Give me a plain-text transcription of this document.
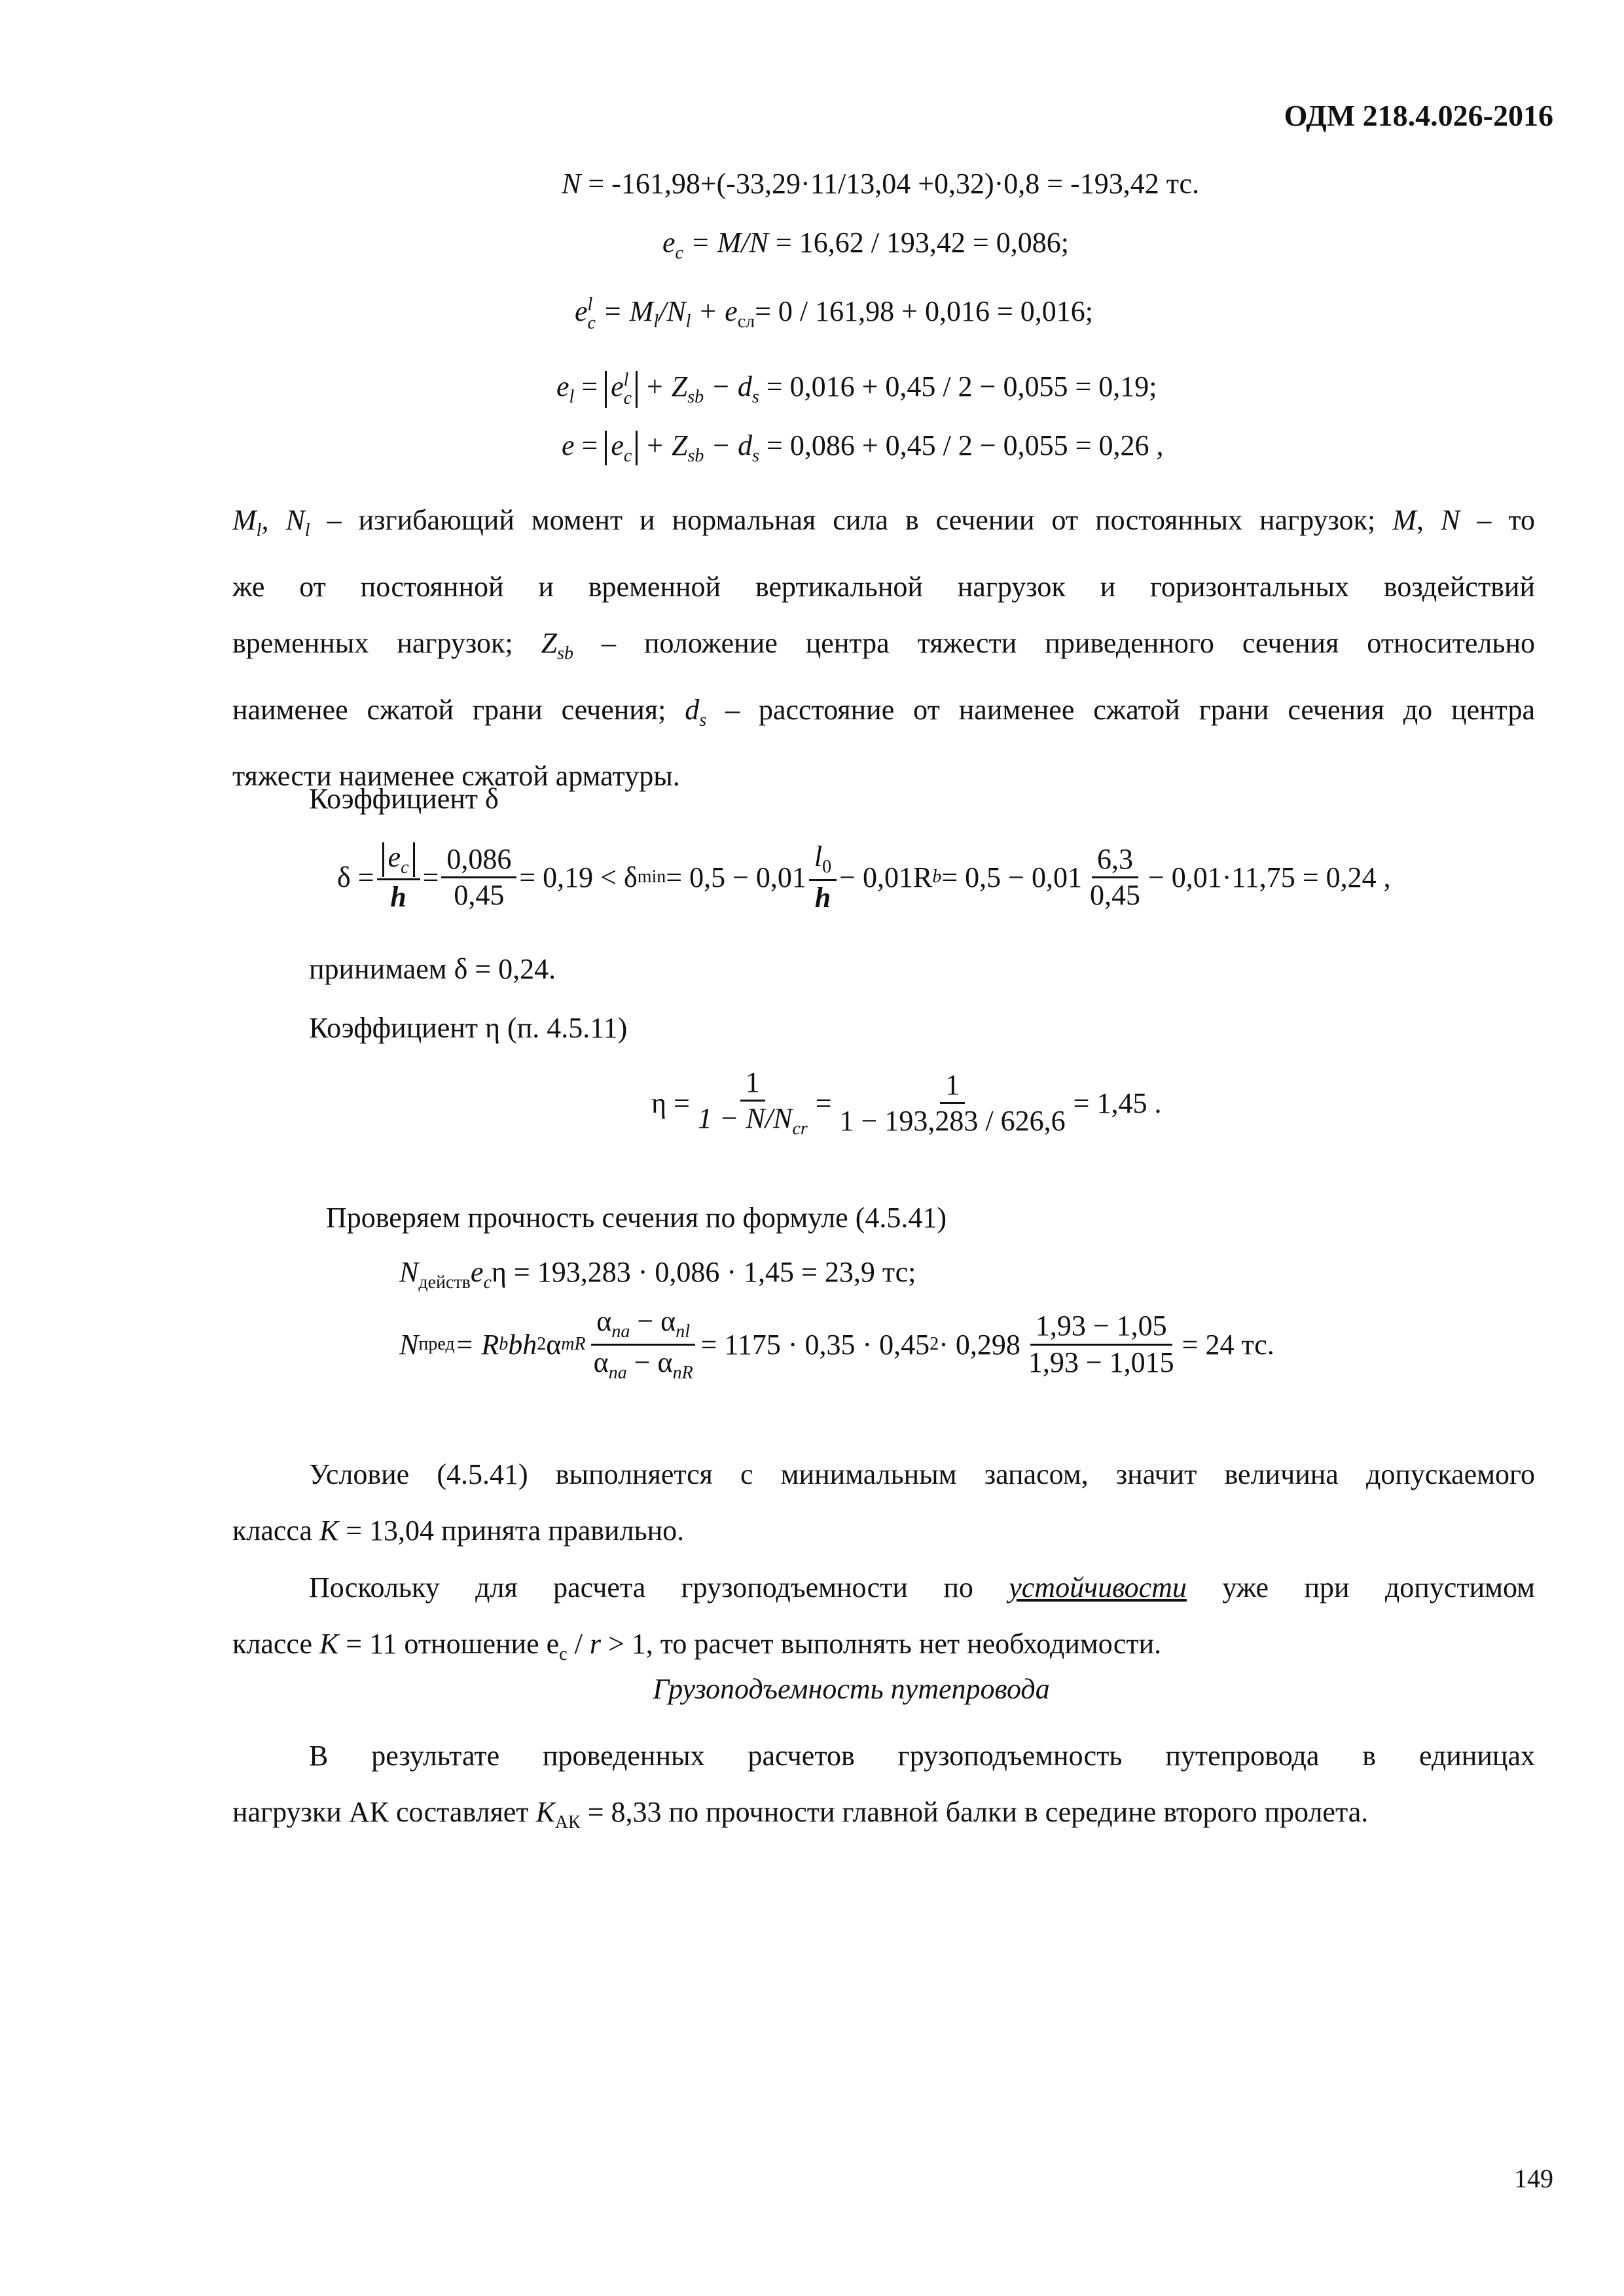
ОДМ 218.4.026-2016
N = -161,98+(-33,29·11/13,04 +0,32)·0,8 = -193,42 тс.
$e_c = M/N = 16,62 / 193,42 = 0,086$;
e l
$c = M_l/N_l + e_{сл}= 0 / 161,98 + 0,016 = 0,016$;
$e_l = e$ l
$c + Z_{sb} - d_s = 0,016 + 0,45 / 2 - 0,055 = 0,19$;
$e = e_c + Z_{sb} - d_s = 0,086 + 0,45 / 2 - 0,055 = 0,26$ ,
$M_l$, $N_l$ – изгибающий момент и нормальная сила в сечении от постоянных нагрузок; M, N – то
же от постоянной и временной вертикальной нагрузок и горизонтальных воздействий
временных нагрузок; $Z_{sb}$ – положение центра тяжести приведенного сечения относительно
наименее сжатой грани сечения; $d_s$ – расстояние от наименее сжатой грани сечения до центра
тяжести наименее сжатой арматуры.
Коэффициент δ
$\delta = \frac{e_c}{h} = \frac{0,086}{0,45} = 0,19 < \delta$ $\min = 0,5 - 0,01 \frac{l_0}{h} - 0,01R$ $b = 0,5 - 0,01 \frac{6,3}{0,45} - 0,01\cdot 11,75 = 0,24$ ,
принимаем δ = 0,24.
Коэффициент η (п. 4.5.11)
$\eta = \frac{1}{1 - N/N_{cr}} = \frac{1}{1 - 193,283 / 626,6} = 1,45$ .
Проверяем прочность сечения по формуле (4.5.41)
$N_{действ}e_c\eta = 193,283 \cdot 0,086 \cdot 1,45 = 23,9$ тс;
N пред = R b bh 2 α mR $\frac{\alpha_{na} - \alpha_{nl}}{\alpha_{na} - \alpha_{nR}} = 1175 \cdot 0,35 \cdot 0,45$ $2 \cdot 0,298 \frac{1,93 - 1,05}{1,93 - 1,015} = 24$ тс.
Условие (4.5.41) выполняется с минимальным запасом, значит величина допускаемого
класса К = 13,04 принята правильно.
Поскольку для расчета грузоподъемности по устойчивости уже при допустимом
классе К = 11 отношение $e_с / r > 1$, то расчет выполнять нет необходимости.
Грузоподъемность путепровода
В результате проведенных расчетов грузоподъемность путепровода в единицах
нагрузки АК составляет $К_{АК} = 8,33$ по прочности главной балки в середине второго пролета.
149
